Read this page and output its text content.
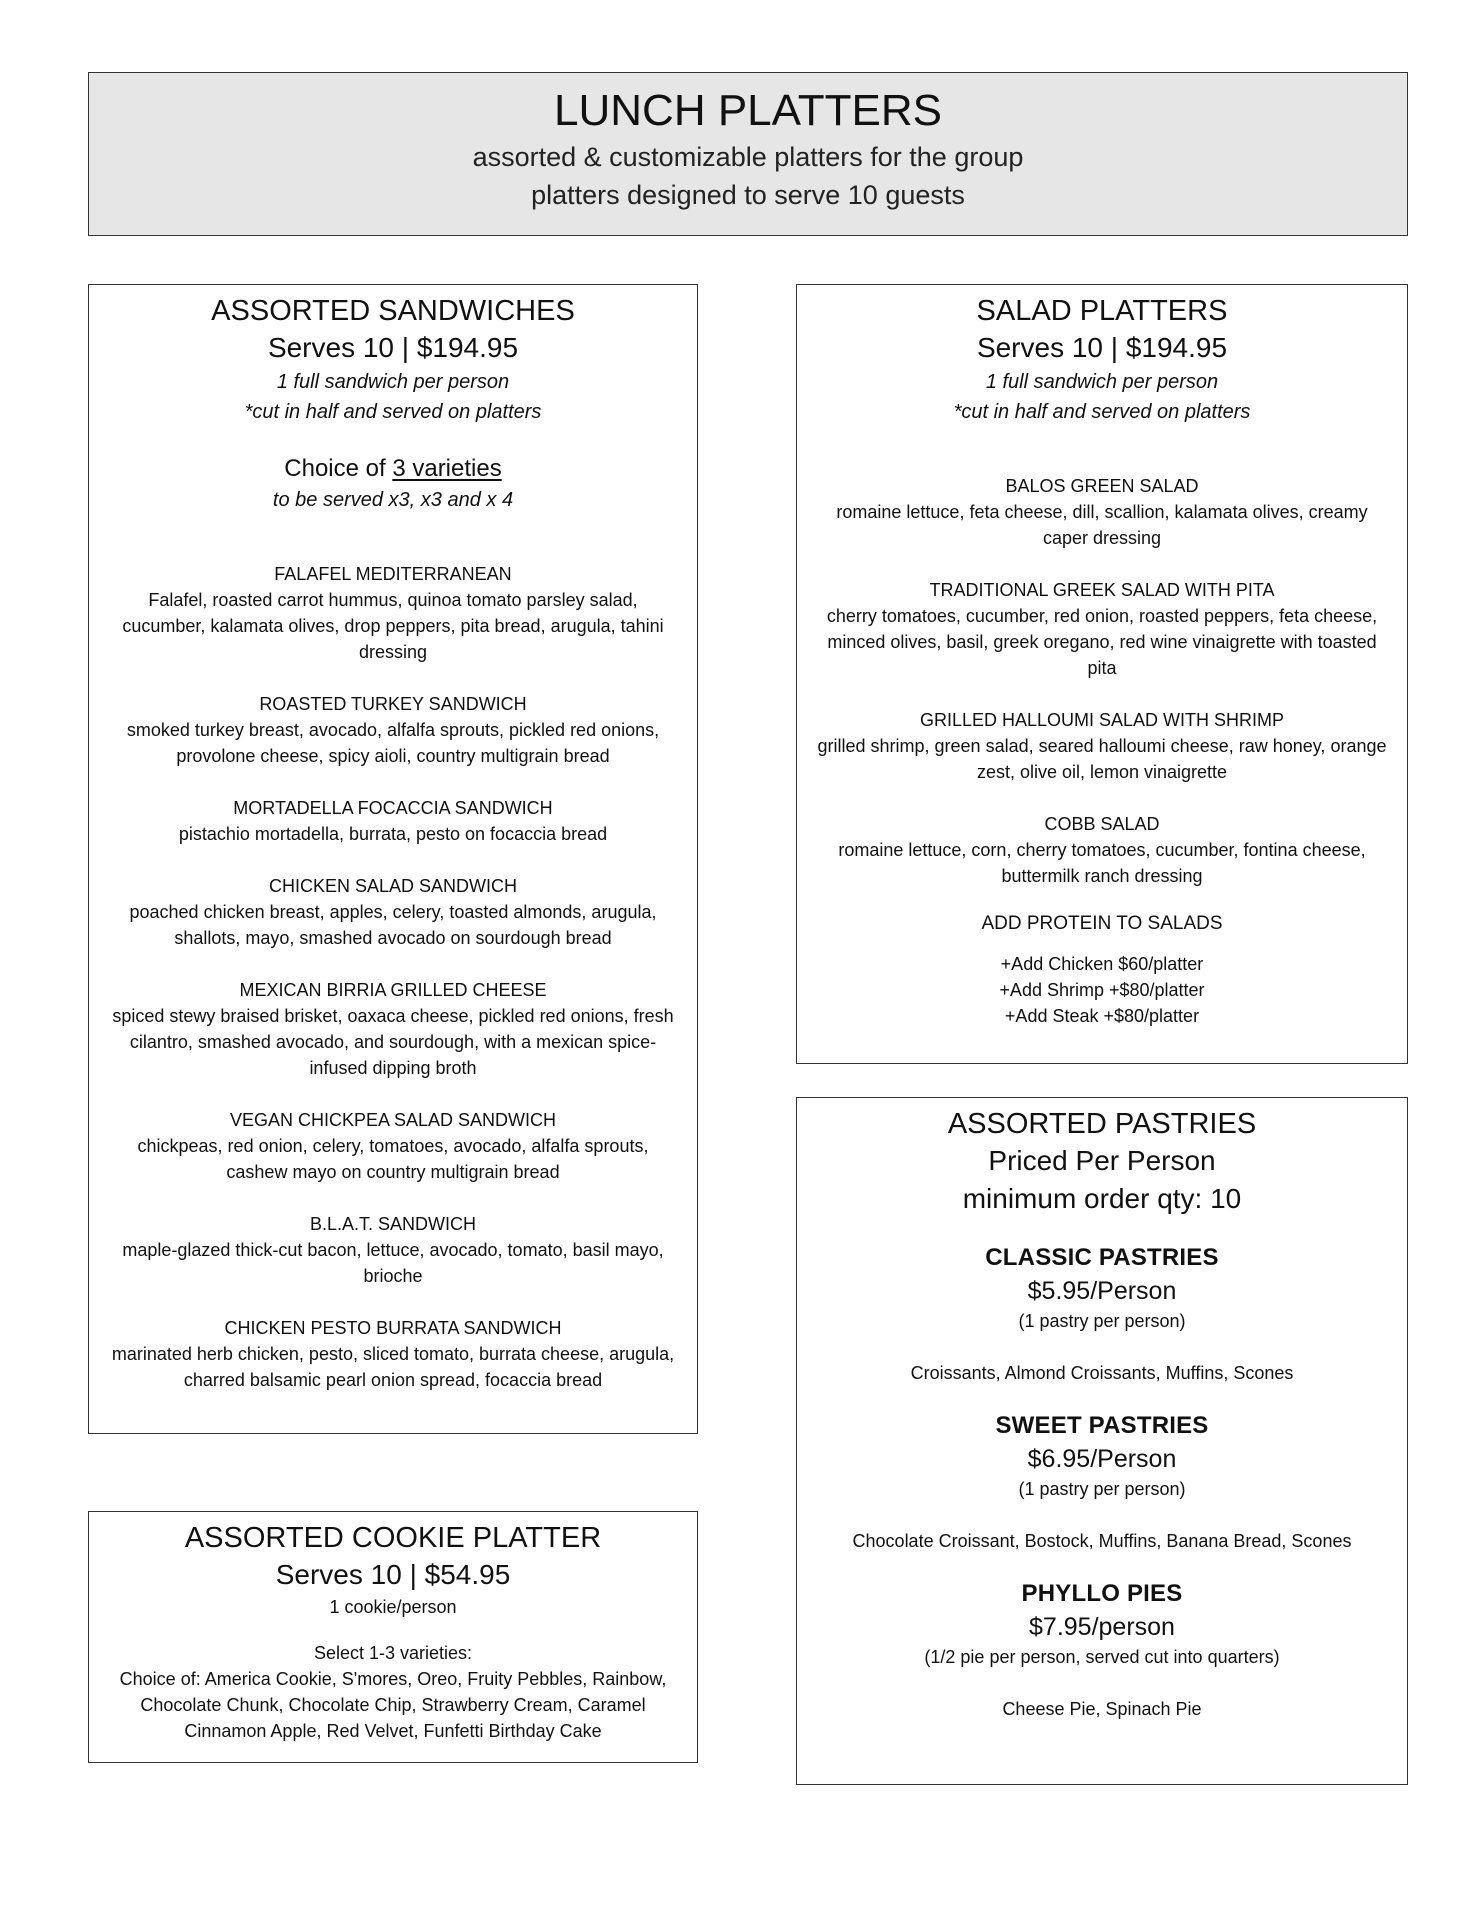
LUNCH PLATTERS
assorted & customizable platters for the group
platters designed to serve 10 guests
ASSORTED SANDWICHES
Serves 10 | $194.95
1 full sandwich per person
*cut in half and served on platters
Choice of 3 varieties
to be served x3, x3 and x 4
FALAFEL MEDITERRANEAN
Falafel, roasted carrot hummus, quinoa tomato parsley salad, cucumber, kalamata olives, drop peppers, pita bread, arugula, tahini dressing
ROASTED TURKEY SANDWICH
smoked turkey breast, avocado, alfalfa sprouts, pickled red onions, provolone cheese, spicy aioli, country multigrain bread
MORTADELLA FOCACCIA SANDWICH
pistachio mortadella, burrata, pesto on focaccia bread
CHICKEN SALAD SANDWICH
poached chicken breast, apples, celery, toasted almonds, arugula, shallots, mayo, smashed avocado on sourdough bread
MEXICAN BIRRIA GRILLED CHEESE
spiced stewy braised brisket, oaxaca cheese, pickled red onions, fresh cilantro, smashed avocado, and sourdough, with a mexican spice-infused dipping broth
VEGAN CHICKPEA SALAD SANDWICH
chickpeas, red onion, celery, tomatoes, avocado, alfalfa sprouts, cashew mayo on country multigrain bread
B.L.A.T. SANDWICH
maple-glazed thick-cut bacon, lettuce, avocado, tomato, basil mayo, brioche
CHICKEN PESTO BURRATA SANDWICH
marinated herb chicken, pesto, sliced tomato, burrata cheese, arugula, charred balsamic pearl onion spread, focaccia bread
SALAD PLATTERS
Serves 10 | $194.95
1 full sandwich per person
*cut in half and served on platters
BALOS GREEN SALAD
romaine lettuce, feta cheese, dill, scallion, kalamata olives, creamy caper dressing
TRADITIONAL GREEK SALAD WITH PITA
cherry tomatoes, cucumber, red onion, roasted peppers, feta cheese, minced olives, basil, greek oregano, red wine vinaigrette with toasted pita
GRILLED HALLOUMI SALAD WITH SHRIMP
grilled shrimp, green salad, seared halloumi cheese, raw honey, orange zest, olive oil, lemon vinaigrette
COBB SALAD
romaine lettuce, corn, cherry tomatoes, cucumber, fontina cheese, buttermilk ranch dressing
ADD PROTEIN TO SALADS
+Add Chicken $60/platter
+Add Shrimp +$80/platter
+Add Steak +$80/platter
ASSORTED PASTRIES
Priced Per Person
minimum order qty: 10
CLASSIC PASTRIES
$5.95/Person
(1 pastry per person)
Croissants, Almond Croissants, Muffins, Scones
SWEET PASTRIES
$6.95/Person
(1 pastry per person)
Chocolate Croissant, Bostock, Muffins, Banana Bread, Scones
PHYLLO PIES
$7.95/person
(1/2 pie per person, served cut into quarters)
Cheese Pie, Spinach Pie
ASSORTED COOKIE PLATTER
Serves 10 | $54.95
1 cookie/person
Select 1-3 varieties:
Choice of: America Cookie, S'mores, Oreo, Fruity Pebbles, Rainbow, Chocolate Chunk, Chocolate Chip, Strawberry Cream, Caramel Cinnamon Apple, Red Velvet, Funfetti Birthday Cake
